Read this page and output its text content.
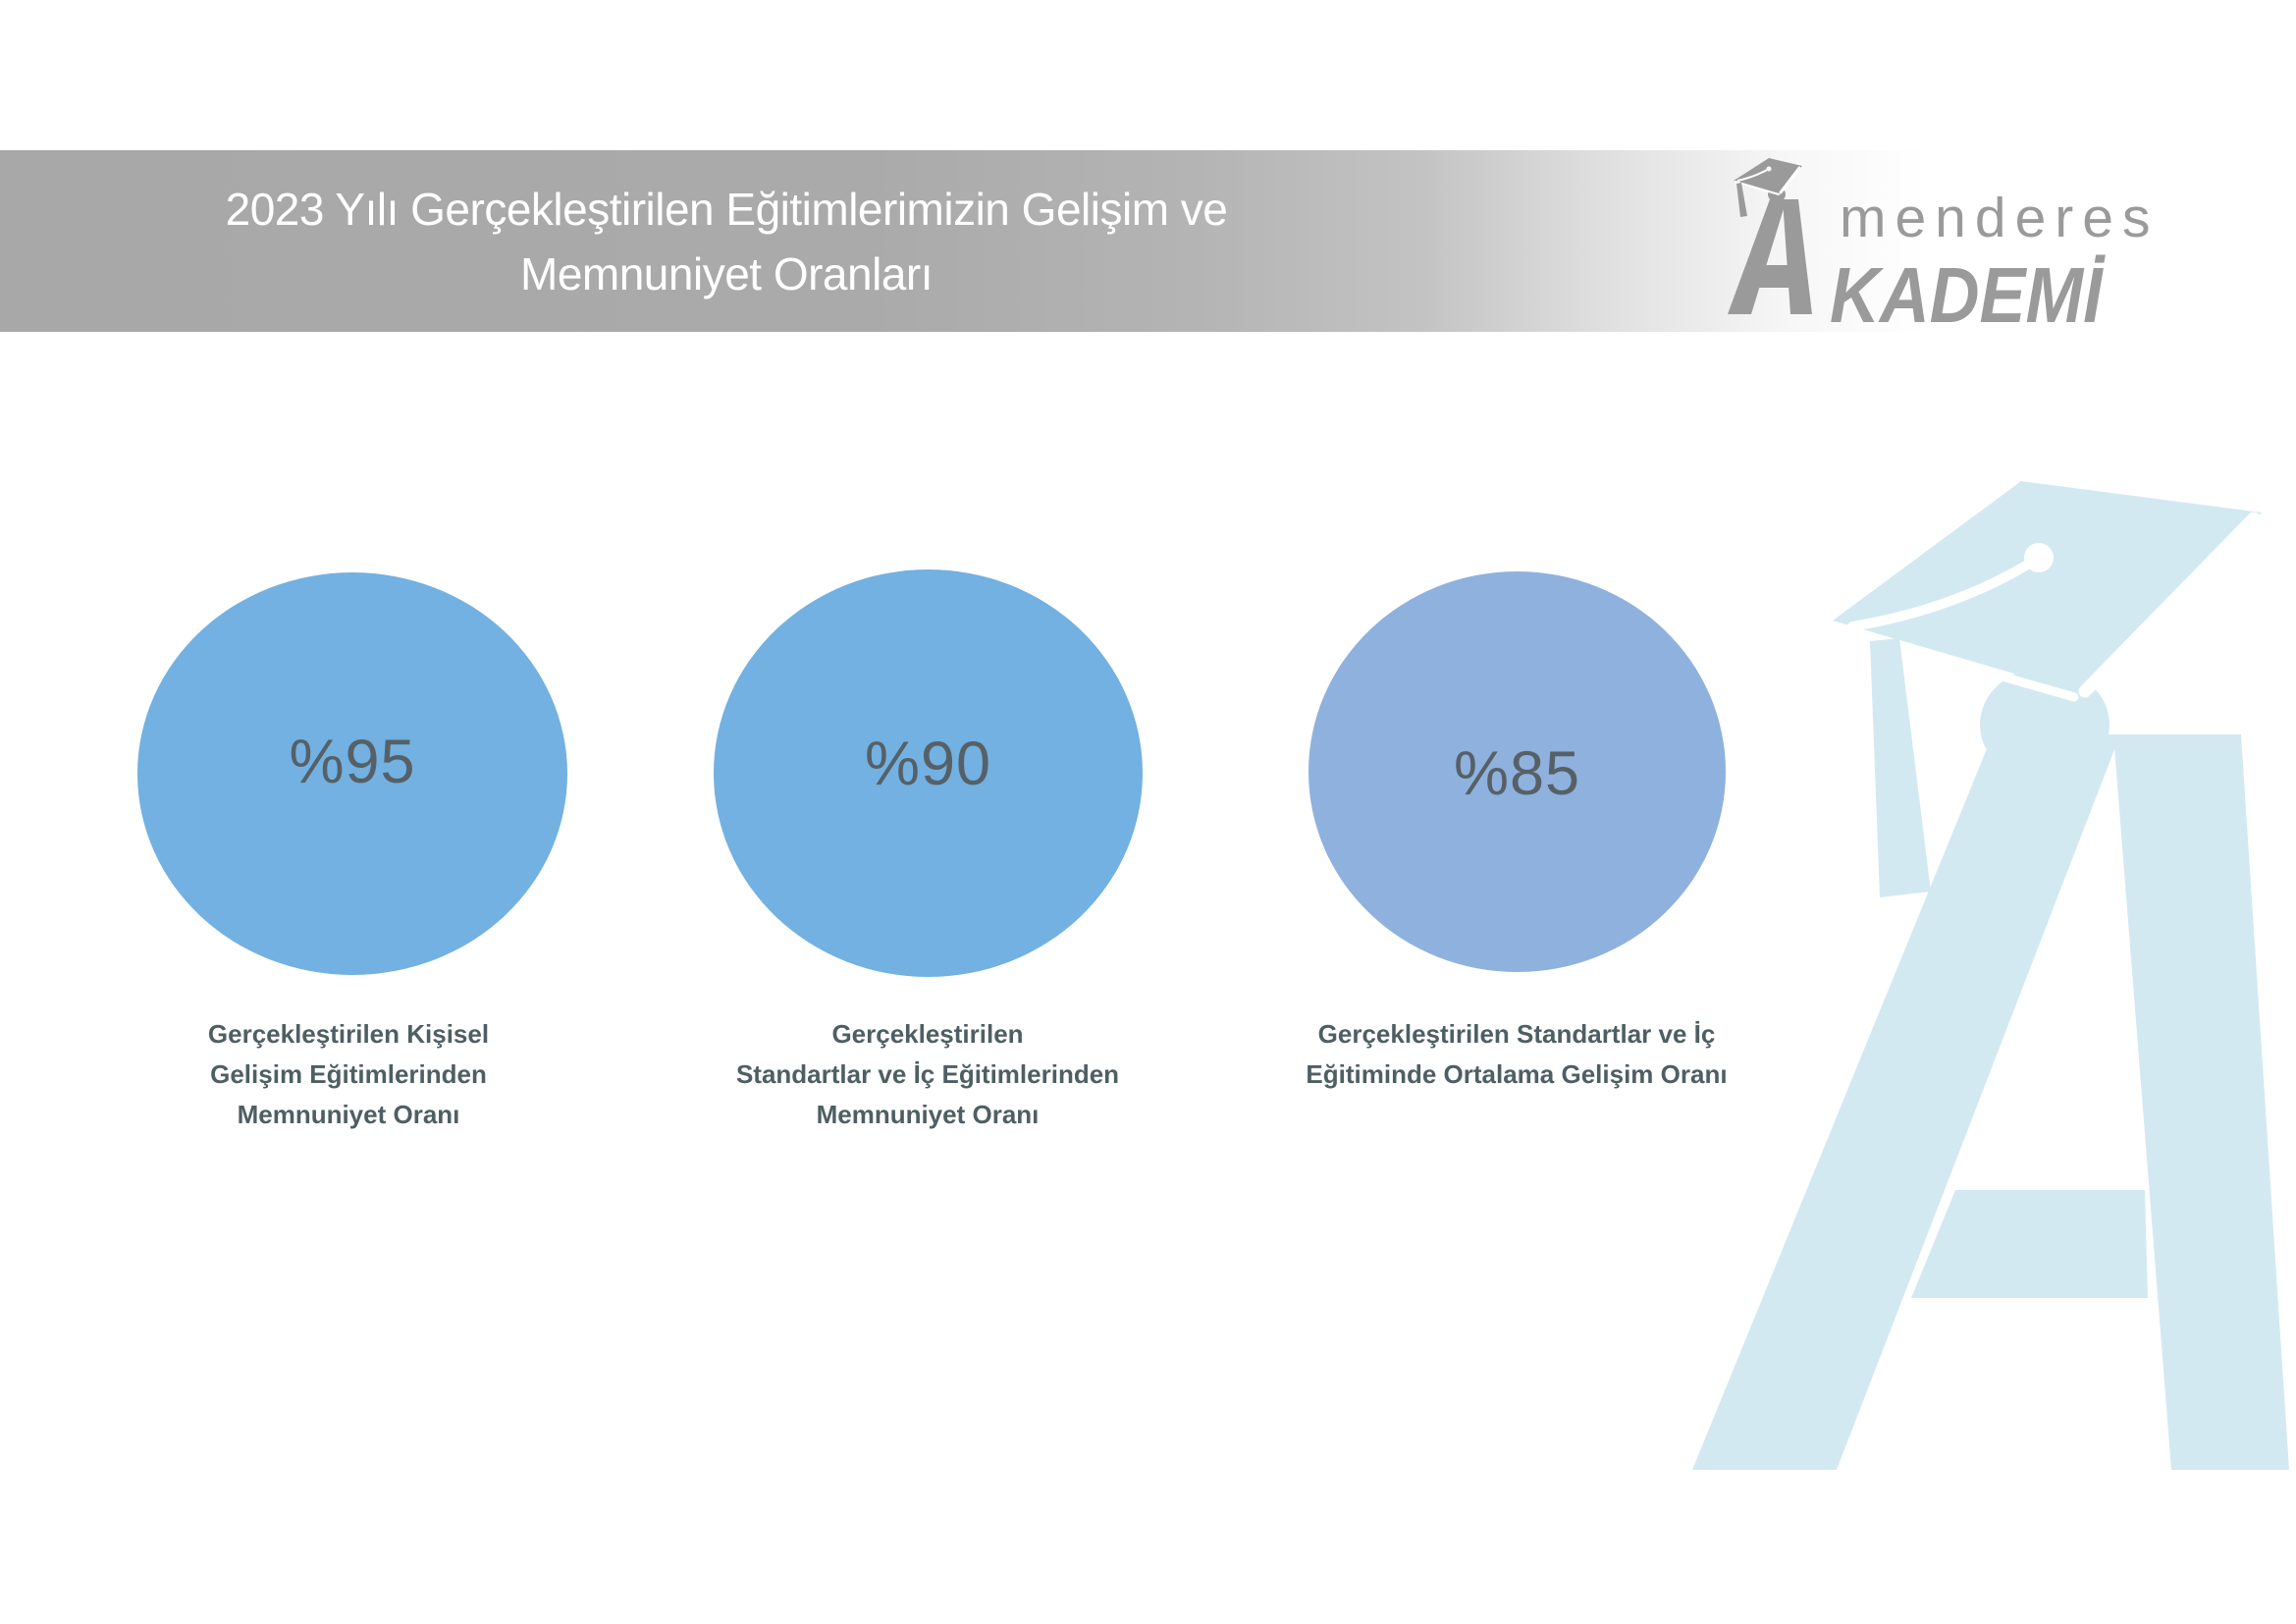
2023 Yılı Gerçekleştirilen Eğitimlerimizin Gelişim ve
Memnuniyet Oranları
menderes
KADEMİ
%95
Gerçekleştirilen Kişisel
Gelişim Eğitimlerinden
Memnuniyet Oranı
%90
Gerçekleştirilen
Standartlar ve İç Eğitimlerinden
Memnuniyet Oranı
%85
Gerçekleştirilen Standartlar ve İç
Eğitiminde Ortalama Gelişim Oranı
